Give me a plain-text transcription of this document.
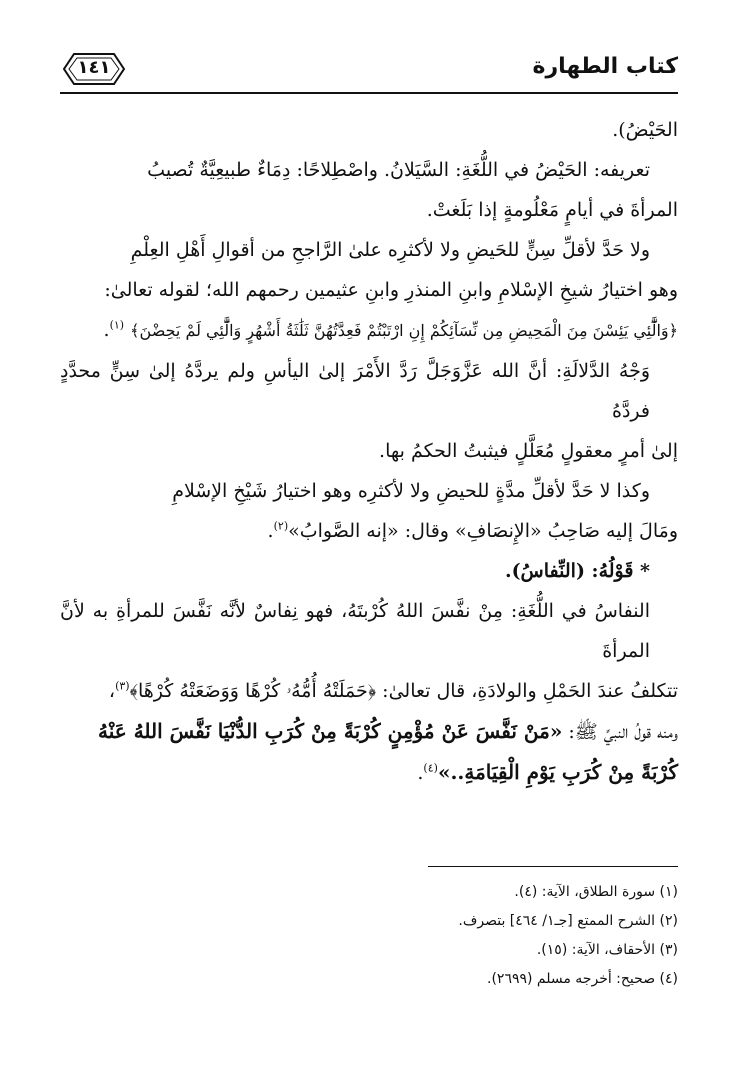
كتاب الطهارة
١٤١

الحَيْضُ).

تعريفه: الحَيْضُ في اللُّغَةِ: السَّيَلانُ. واصْطِلاحًا: دِمَاءٌ طبيعِيَّةٌ تُصيبُ
المرأةَ في أيامٍ مَعْلُومةٍ إذا بَلَغتْ.

ولا حَدَّ لأقلِّ سِنٍّ للحَيضِ ولا لأكثرِه علىٰ الرَّاجحِ من أقوالِ أَهْلِ العِلْمِ
وهو اختيارُ شيخِ الإسْلامِ وابنِ المنذرِ وابنِ عثيمين رحمهم الله؛ لقوله تعالىٰ:
﴿وَالَّٰٓئِي يَئِسْنَ مِنَ الْمَحِيضِ مِن نِّسَآئِكُمْ إِنِ ارْتَبْتُمْ فَعِدَّتُهُنَّ ثَلَٰثَةُ أَشْهُرٍ وَالَّٰٓئِي لَمْ يَحِضْنَ﴾ $^{(١)}$.

وَجْهُ الدَّلالَةِ: أنَّ الله عَزَّوَجَلَّ رَدَّ الأَمْرَ إلىٰ اليأسِ ولم يردَّهُ إلىٰ سِنٍّ محدَّدٍ فردَّهُ
إلىٰ أمرٍ معقولٍ مُعَلَّلٍ فيثبتُ الحكمُ بها.

وكذا لا حَدَّ لأقلِّ مدَّةٍ للحيضِ ولا لأكثرِه وهو اختيارُ شَيْخِ الإسْلامِ
ومَالَ إليه صَاحِبُ «الإِنصَافِ» وقال: «إنه الصَّوابُ»$^{(٢)}$.

* قَوْلُهُ: (النِّفاسُ).

النفاسُ في اللُّغَةِ: مِنْ نفَّسَ اللهُ كُرْبتَهُ، فهو نِفاسٌ لأنَّه نَفَّسَ للمرأةِ به لأنَّ المرأةَ
تتكلفُ عندَ الحَمْلِ والولادَةِ، قال تعالىٰ: ﴿حَمَلَتْهُ أُمُّهُۥ كُرْهًا وَوَضَعَتْهُ كُرْهًا﴾$^{(٣)}$،
ومنه قولُ النبيِّ ﷺ: «مَنْ نَفَّسَ عَنْ مُؤْمِنٍ كُرْبَةً مِنْ كُرَبِ الدُّنْيَا نَفَّسَ اللهُ عَنْهُ
كُرْبَةً مِنْ كُرَبِ يَوْمِ الْقِيَامَةِ..»$^{(٤)}$.

(١) سورة الطلاق، الآية: (٤).
(٢) الشرح الممتع [جـ١/ ٤٦٤] بتصرف.
(٣) الأحقاف، الآية: (١٥).
(٤) صحيح: أخرجه مسلم (٢٦٩٩).
